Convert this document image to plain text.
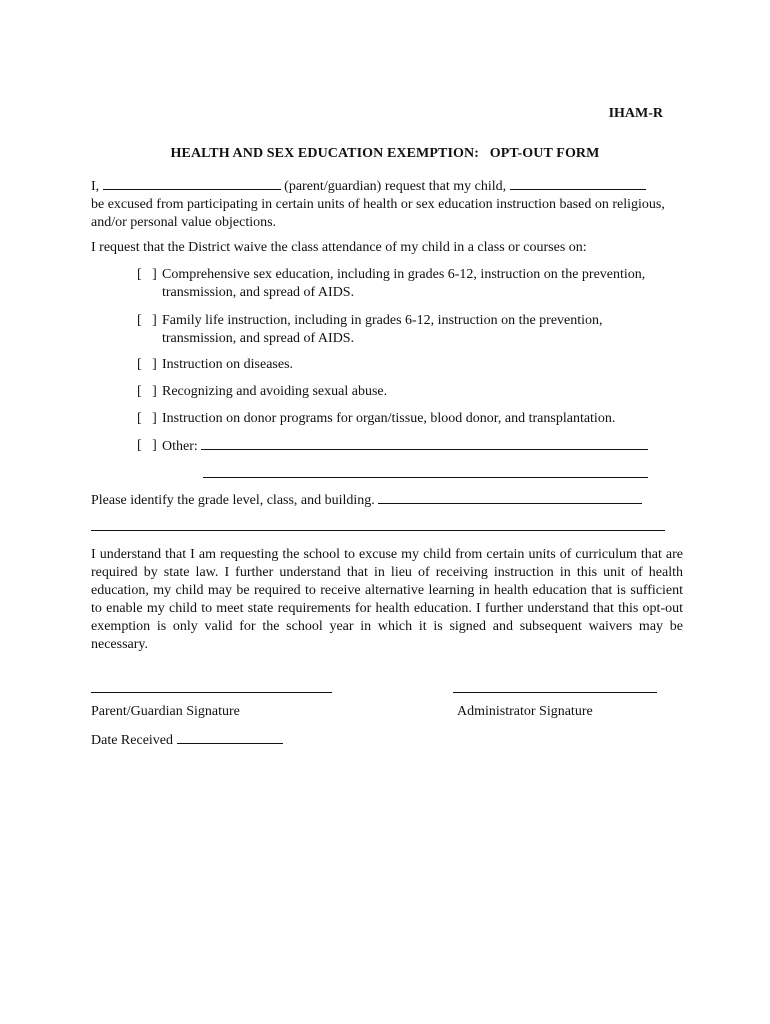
IHAM-R
HEALTH AND SEX EDUCATION EXEMPTION:   OPT-OUT FORM
I,	(parent/guardian) request that my child,
be excused from participating in certain units of health or sex education instruction based on religious, and/or personal value objections.
I request that the District waive the class attendance of my child in a class or courses on:
[   ] Comprehensive sex education, including in grades 6-12, instruction on the prevention, transmission, and spread of AIDS.
[   ] Family life instruction, including in grades 6-12, instruction on the prevention, transmission, and spread of AIDS.
[   ] Instruction on diseases.
[   ] Recognizing and avoiding sexual abuse.
[   ] Instruction on donor programs for organ/tissue, blood donor, and transplantation.
[   ] Other:
Please identify the grade level, class, and building.
I understand that I am requesting the school to excuse my child from certain units of curriculum that are required by state law. I further understand that in lieu of receiving instruction in this unit of health education, my child may be required to receive alternative learning in health education that is sufficient to enable my child to meet state requirements for health education. I further understand that this opt-out exemption is only valid for the school year in which it is signed and subsequent waivers may be necessary.
Parent/Guardian Signature	Administrator Signature
Date Received
